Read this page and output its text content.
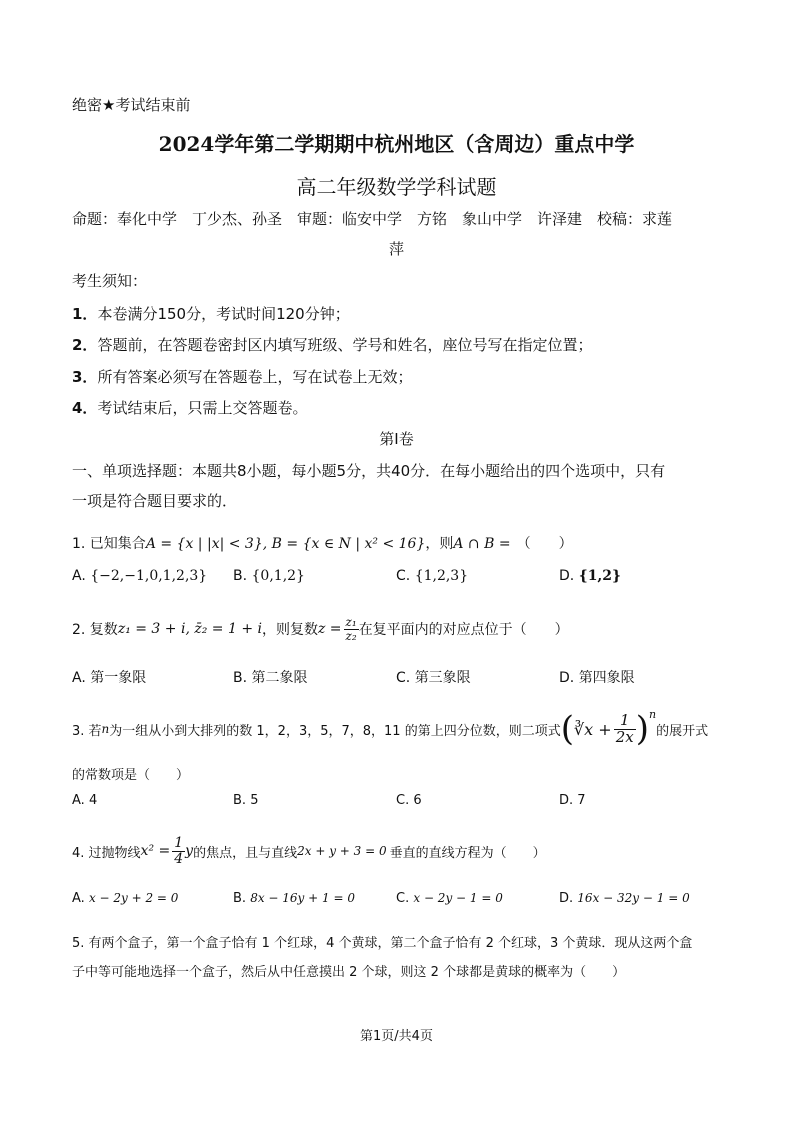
绝密★考试结束前
2024学年第二学期期中杭州地区（含周边）重点中学
高二年级数学学科试题
命题：奉化中学　丁少杰、孙圣　审题：临安中学　方铭　象山中学　许泽建　校稿：求莲
萍
考生须知：
1．本卷满分150分，考试时间120分钟；
2．答题前，在答题卷密封区内填写班级、学号和姓名，座位号写在指定位置；
3．所有答案必须写在答题卷上，写在试卷上无效；
4．考试结束后，只需上交答题卷。
第Ⅰ卷
一、单项选择题：本题共8小题，每小题5分，共40分．在每小题给出的四个选项中，只有
一项是符合题目要求的．
1. 已知集合A = {x | |x| < 3}, B = {x ∈ N | x² < 16}，则A ∩ B = （　　）
A. {−2,−1,0,1,2,3} B. {0,1,2}	C. {1,2,3}	D. {1,2}
2. 复数 z₁ = 3 + i, z̄₂ = 1 + i ，则复数 $z = \frac{\text{z₁}}{\text{z₂}}$ 在复平面内的对应点位于（　　）
A. 第一象限	B. 第二象限	C. 第三象限	D. 第四象限
3. 若 n 为一组从小到大排列的数 1，2，3，5，7，8，11 的第上四分位数，则二项式 ( ∛x + $\frac{1}{2x} )^n$
的展开式
的常数项是（　　）
A. 4	B. 5	C. 6	D. 7
4. 过抛物线 $x^2 = \frac{1}{4}$ y 的焦点，且与直线 2x + y + 3 = 0 垂直的直线方程为（　　）
A. x − 2y + 2 = 0	B. 8x − 16y + 1 = 0	C. x − 2y − 1 = 0	D. 16x − 32y − 1 = 0
5. 有两个盒子，第一个盒子恰有 1 个红球，4 个黄球，第二个盒子恰有 2 个红球，3 个黄球．现从这两个盒
子中等可能地选择一个盒子，然后从中任意摸出 2 个球，则这 2 个球都是黄球的概率为（　　）
第1页/共4页
